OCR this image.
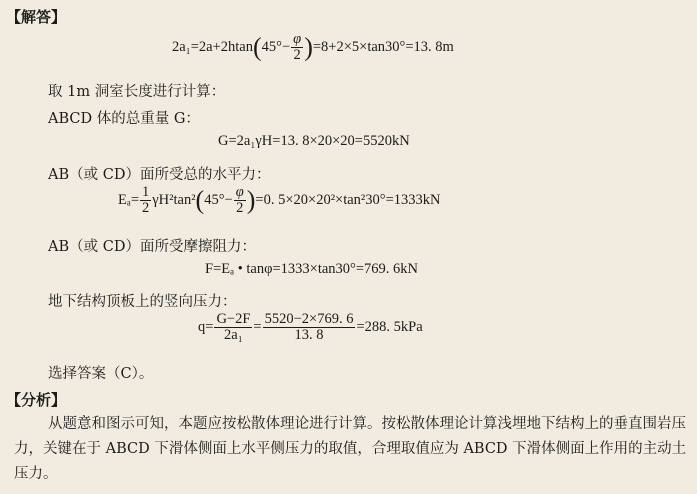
【解答】
$2a_1=2a+2htan(45^\circ- \frac{\varphi}{2} )=8+2\times 5\times\tan 30^\circ=13$. 8m
取 1m 洞室长度进行计算：
ABCD 体的总重量 G：
G=2a₁γH=13. 8×20×20=5520kN
AB（或 CD）面所受总的水平力：
$E_a= \frac{1}{2} \gamma H^2\tan^2(45^\circ- \frac{\varphi}{2} )=0$. 5×20×20²×tan²30°=1333kN
AB（或 CD）面所受摩擦阻力：
F=Eₐ • tanφ=1333×tan30°=769. 6kN
地下结构顶板上的竖向压力：
$q= \frac{G-2F}{\text{2a₁}} = \frac{5520-2\times 769. 6}{13. 8} =288$. 5kPa
选择答案（C）。
【分析】
从题意和图示可知，本题应按松散体理论进行计算。按松散体理论计算浅埋地下结构上的垂直围岩压力，关键在于 ABCD 下滑体侧面上水平侧压力的取值，合理取值应为 ABCD 下滑体侧面上作用的主动土压力。
